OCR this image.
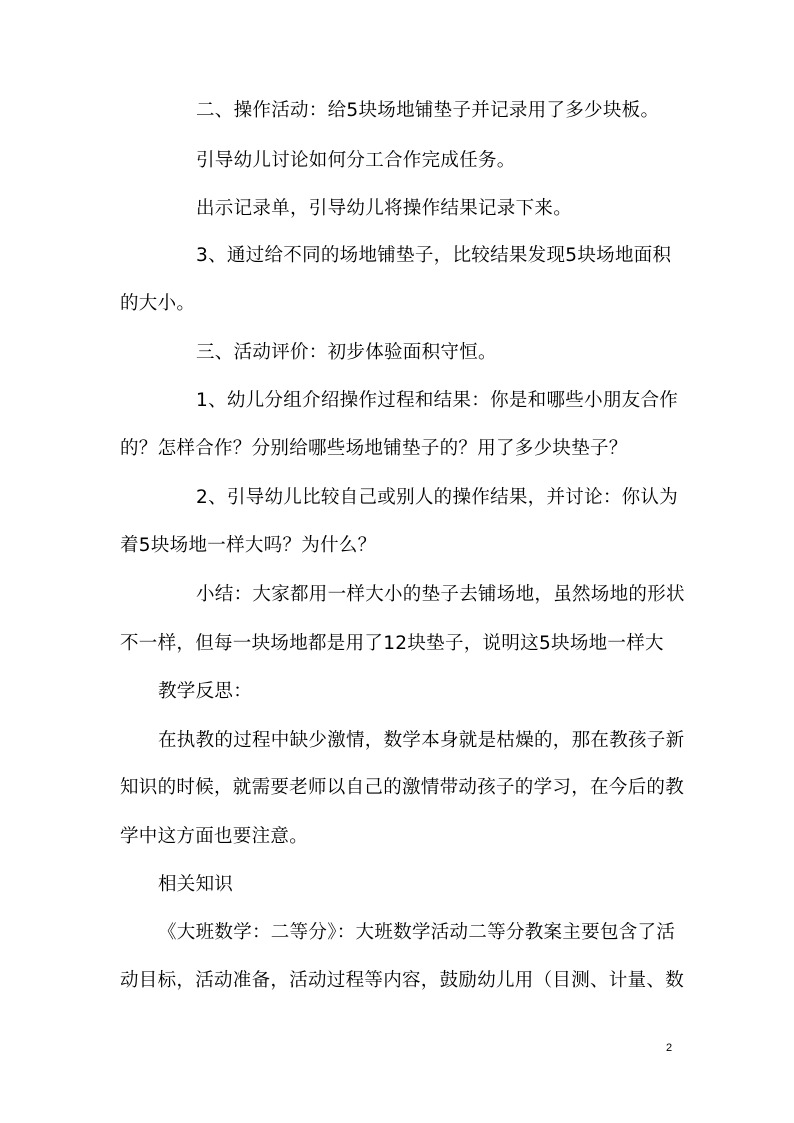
二、操作活动：给5块场地铺垫子并记录用了多少块板。
引导幼儿讨论如何分工合作完成任务。
出示记录单，引导幼儿将操作结果记录下来。
3、通过给不同的场地铺垫子，比较结果发现5块场地面积
的大小。
三、活动评价：初步体验面积守恒。
1、幼儿分组介绍操作过程和结果：你是和哪些小朋友合作
的？怎样合作？分别给哪些场地铺垫子的？用了多少块垫子？
2、引导幼儿比较自己或别人的操作结果，并讨论：你认为
着5块场地一样大吗？为什么？
小结：大家都用一样大小的垫子去铺场地，虽然场地的形状
不一样，但每一块场地都是用了12块垫子，说明这5块场地一样大
教学反思：
在执教的过程中缺少激情，数学本身就是枯燥的，那在教孩子新
知识的时候，就需要老师以自己的激情带动孩子的学习，在今后的教
学中这方面也要注意。
相关知识
《大班数学：二等分》：大班数学活动二等分教案主要包含了活
动目标，活动准备，活动过程等内容，鼓励幼儿用（目测、计量、数
2
